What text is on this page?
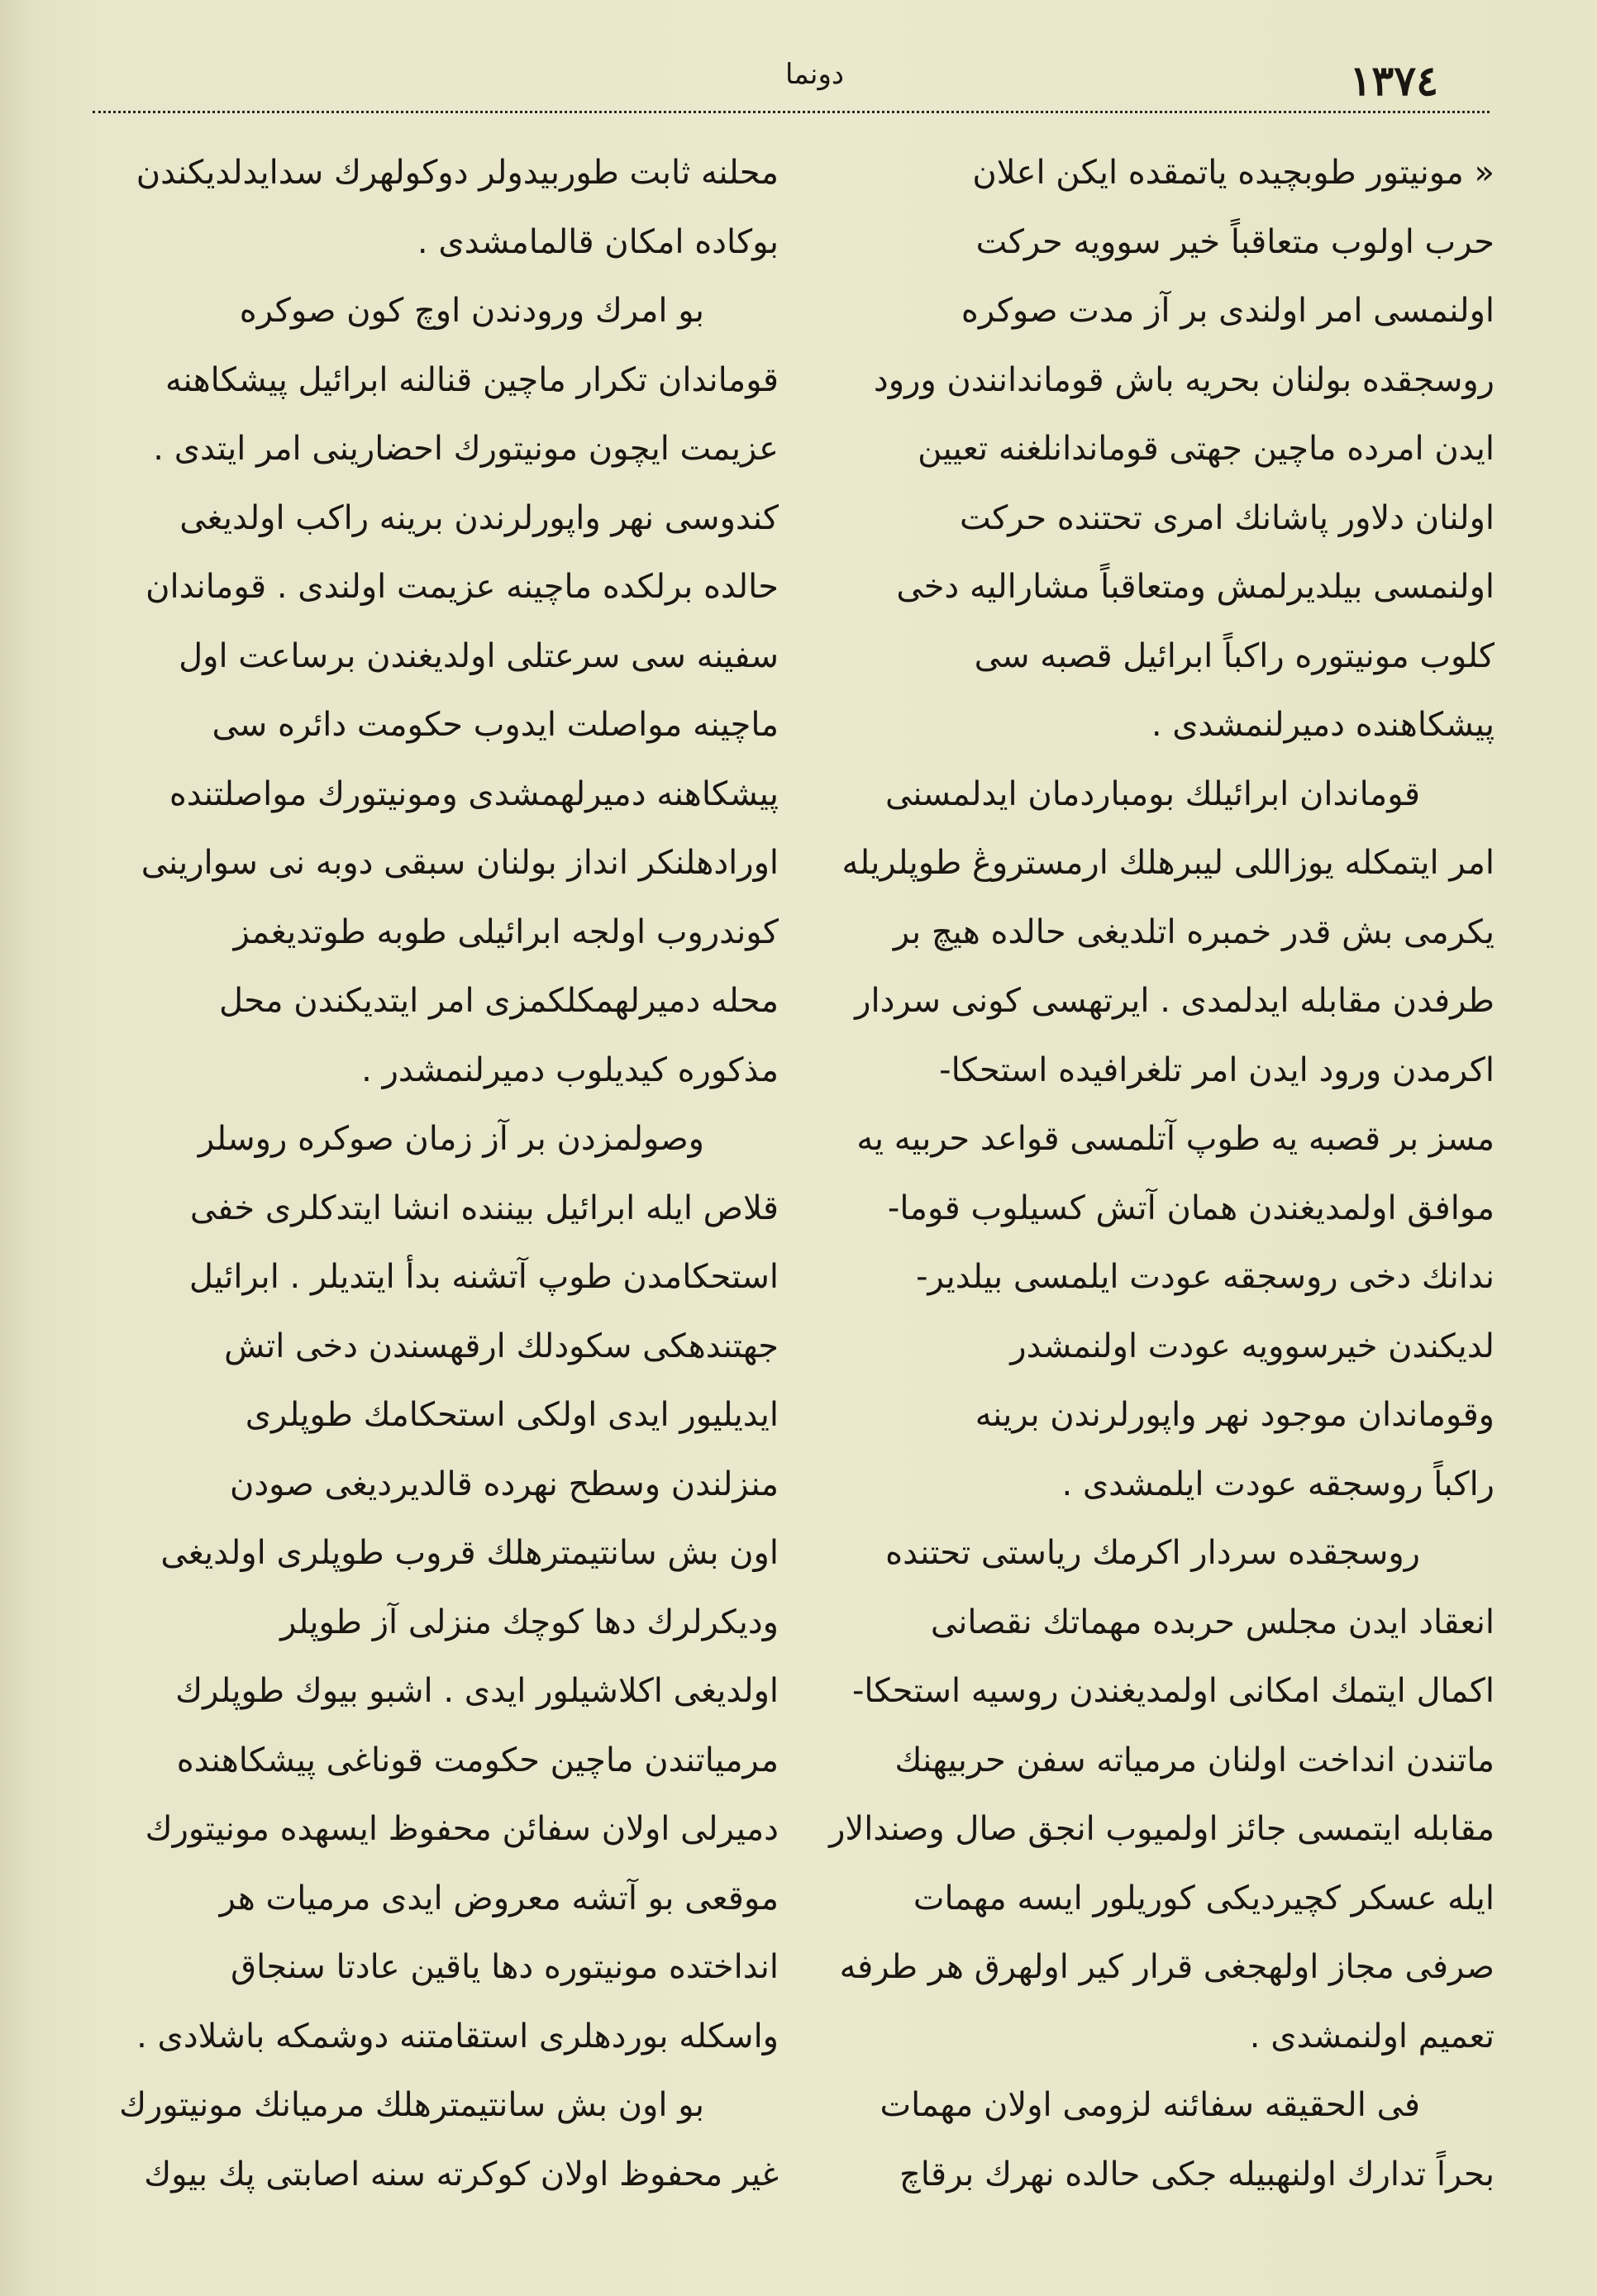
١٣٧٤
دونما
« مونيتور طوبچيده ياتمقده ايكن اعلان
حرب اولوب متعاقباً خير سوويه حركت
اولنمسى امر اولندى بر آز مدت صوكره
روسجقده بولنان بحريه باش قوماندانندن ورود
ايدن امرده ماچين جهتى قوماندانلغنه تعيين
اولنان دلاور پاشانك امرى تحتنده حركت
اولنمسى بيلديرلمش ومتعاقباً مشاراليه دخى
كلوب مونيتوره راكباً ابرائيل قصبه سى
پيشكاهنده دميرلنمشدى .
قوماندان ابرائيلك بومباردمان ايدلمسنى
امر ايتمكله يوزاللى ليبرهلك ارمستروڠ طوپلريله
يكرمى بش قدر خمبره اتلديغى حالده هيچ بر
طرفدن مقابله ايدلمدى . ايرتهسى كونى سردار
اكرمدن ورود ايدن امر تلغرافيده استحكا-
مسز بر قصبه يه طوپ آتلمسى قواعد حربيه يه
موافق اولمديغندن همان آتش كسيلوب قوما-
ندانك دخى روسجقه عودت ايلمسى بيلدير-
لديكندن خيرسوويه عودت اولنمشدر
وقوماندان موجود نهر واپورلرندن برينه
راكباً روسجقه عودت ايلمشدى .
روسجقده سردار اكرمك رياستى تحتنده
انعقاد ايدن مجلس حربده مهماتك نقصانى
اكمال ايتمك امكانى اولمديغندن روسيه استحكا-
ماتندن انداخت اولنان مرمياته سفن حربيهنك
مقابله ايتمسى جائز اولميوب انجق صال وصندالار
ايله عسكر كچيرديكى كوريلور ايسه مهمات
صرفى مجاز اولهجغى قرار كير اولهرق هر طرفه
تعميم اولنمشدى .
فى الحقيقه سفائنه لزومى اولان مهمات
بحراً تدارك اولنهبيله جكى حالده نهرك برقاچ
محلنه ثابت طوربيدولر دوكولهرك سدايدلديكندن
بوكاده امكان قالمامشدى .
بو امرك ورودندن اوچ كون صوكره
قوماندان تكرار ماچين قنالنه ابرائيل پيشكاهنه
عزيمت ايچون مونيتورك احضارينى امر ايتدى .
كندوسى نهر واپورلرندن برينه راكب اولديغى
حالده برلكده ماچينه عزيمت اولندى . قوماندان
سفينه سى سرعتلى اولديغندن برساعت اول
ماچينه مواصلت ايدوب حكومت دائره سى
پيشكاهنه دميرلهمشدى ومونيتورك مواصلتنده
اورادهلنكر انداز بولنان سبقى دوبه نى سوارينى
كوندروب اولجه ابرائيلى طوبه طوتديغمز
محله دميرلهمكلكمزى امر ايتديكندن محل
مذكوره كيديلوب دميرلنمشدر .
وصولمزدن بر آز زمان صوكره روسلر
قلاص ايله ابرائيل بيننده انشا ايتدكلرى خفى
استحكامدن طوپ آتشنه بدأ ايتديلر . ابرائيل
جهتندهكى سكودلك ارقهسندن دخى اتش
ايديليور ايدى اولكى استحكامك طوپلرى
منزلندن وسطح نهرده قالديرديغى صودن
اون بش سانتيمترهلك قروب طوپلرى اولديغى
وديكرلرك دها كوچك منزلى آز طوپلر
اولديغى اكلاشيلور ايدى . اشبو بيوك طوپلرك
مرمياتندن ماچين حكومت قوناغى پيشكاهنده
دميرلى اولان سفائن محفوظ ايسهده مونيتورك
موقعى بو آتشه معروض ايدى مرميات هر
انداختده مونيتوره دها ياقين عادتا سنجاق
واسكله بوردهلرى استقامتنه دوشمكه باشلادى .
بو اون بش سانتيمترهلك مرميانك مونيتورك
غير محفوظ اولان كوكرته سنه اصابتى پك بيوك
